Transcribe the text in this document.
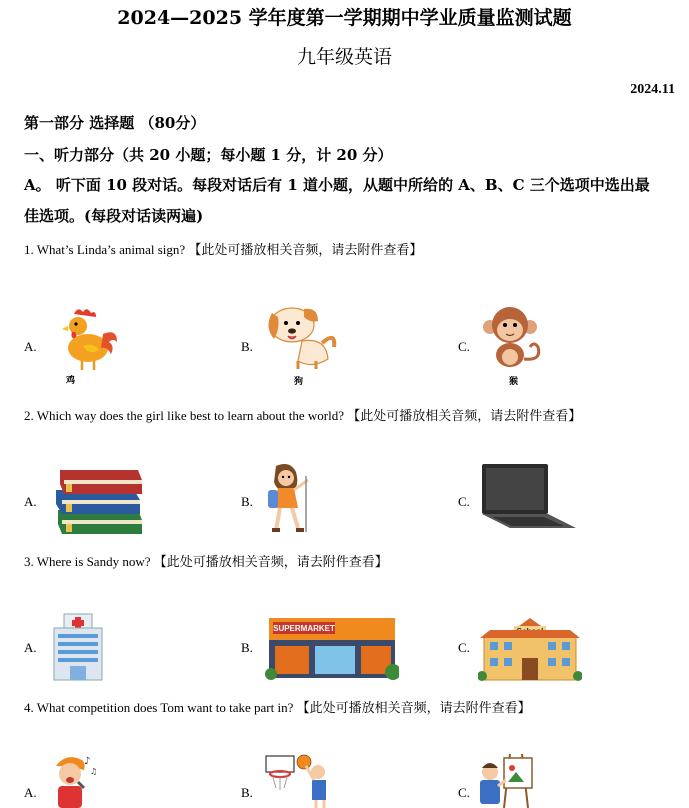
2024—2025 学年度第一学期期中学业质量监测试题
九年级英语
2024.11
第一部分 选择题 （80分）
一、听力部分（共 20 小题；每小题 1 分，计 20 分）
A。 听下面 10 段对话。每段对话后有 1 道小题，从题中所给的 A、B、C 三个选项中选出最
佳选项。(每段对话读两遍)
1. What’s Linda’s animal sign? 【此处可播放相关音频，请去附件查看】
A.	B.	C.
鸡	狗	猴
2. Which way does the girl like best to learn about the world? 【此处可播放相关音频，请去附件查看】
A.	B.	C.
3. Where is Sandy now? 【此处可播放相关音频，请去附件查看】
A.	B.	C.
SUPERMARKET
4. What competition does Tom want to take part in? 【此处可播放相关音频，请去附件查看】
A.	B.	C.
♪
♫
